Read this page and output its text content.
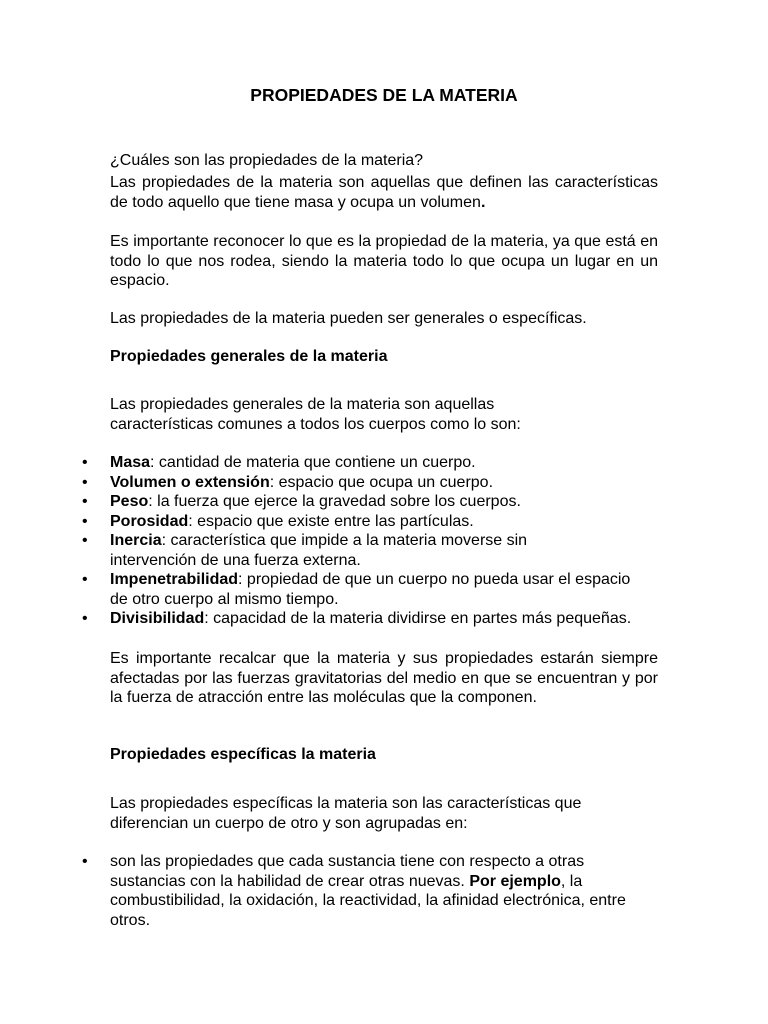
PROPIEDADES DE LA MATERIA
¿Cuáles son las propiedades de la materia?
Las propiedades de la materia son aquellas que definen las características de todo aquello que tiene masa y ocupa un volumen.
Es importante reconocer lo que es la propiedad de la materia, ya que está en todo lo que nos rodea, siendo la materia todo lo que ocupa un lugar en un espacio.
Las propiedades de la materia pueden ser generales o específicas.
Propiedades generales de la materia
Las propiedades generales de la materia son aquellas características comunes a todos los cuerpos como lo son:
• Masa: cantidad de materia que contiene un cuerpo.
• Volumen o extensión: espacio que ocupa un cuerpo.
• Peso: la fuerza que ejerce la gravedad sobre los cuerpos.
• Porosidad: espacio que existe entre las partículas.
• Inercia: característica que impide a la materia moverse sin intervención de una fuerza externa.
• Impenetrabilidad: propiedad de que un cuerpo no pueda usar el espacio de otro cuerpo al mismo tiempo.
• Divisibilidad: capacidad de la materia dividirse en partes más pequeñas.
Es importante recalcar que la materia y sus propiedades estarán siempre afectadas por las fuerzas gravitatorias del medio en que se encuentran y por la fuerza de atracción entre las moléculas que la componen.
Propiedades específicas la materia
Las propiedades específicas la materia son las características que diferencian un cuerpo de otro y son agrupadas en:
• son las propiedades que cada sustancia tiene con respecto a otras sustancias con la habilidad de crear otras nuevas. Por ejemplo, la combustibilidad, la oxidación, la reactividad, la afinidad electrónica, entre otros.
